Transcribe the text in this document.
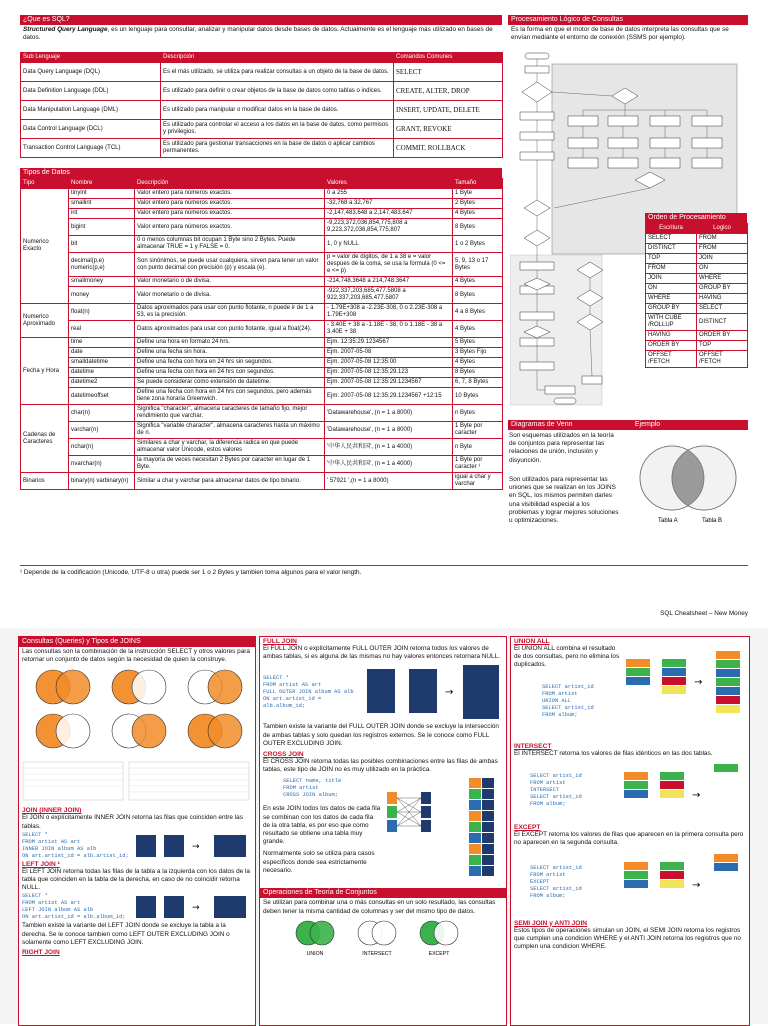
¿Que es SQL?
Structured Query Language, es un lenguaje para consultar, analizar y manipular datos desde bases de datos. Actualmente es el lenguaje más utilizado en bases de datos.
Sub Lenguaje	Descripción	Comandos Comunes
Data Query Language (DQL)	Es el más utilizado, se utiliza para realizar consultas a un objeto de la base de datos.	SELECT
Data Definition Language (DDL)	Es utilizado para definir o crear objetos de la base de datos como tablas o indices.	CREATE, ALTER, DROP
Data Manipulation Language (DML)	Es utilizado para manipular o modificar datos en la base de datos.	INSERT, UPDATE, DELETE
Data Control Language (DCL)	Es utilizado para controlar el acceso a los datos en la base de datos, como permisos y privilegios.	GRANT, REVOKE
Transaction Control Language (TCL)	Es utilizado para gestionar transacciones en la base de datos o aplicar cambios permanentes.	COMMIT, ROLLBACK
Tipos de Datos
Tipo	Nombre	Descripción	Valores	Tamaño
Numerico Exacto	tinyint	Valor entero para números exactos.	0 a 255	1 Byte
	smallint	Valor entero para números exactos.	-32,768 a 32,767	2 Bytes
	int	Valor entero para números exactos.	-2,147,483,648 a 2,147,483,647	4 Bytes
	bigint	Valor entero para números exactos.	-9,223,372,036,854,775,808 a 9,223,372,036,854,775,807	8 Bytes
	bit	0 o menos columnas bit ocupan 1 Byte sino 2 Bytes. Puede almacenar TRUE = 1 y FALSE = 0.	1, 0 y NULL	1 o 2 Bytes
	decimal(p,e) numeric(p,e)	Son sinónimos, se puede usar cualquiera, sirven para tener un valor con punto decimal con precisión (p) y escala (e).	p = valor de dígitos, de 1 a 38 e = valor despues de la coma, se usa la formula (0 <= e <= p)	5, 9, 13 o 17 Bytes
	smallmoney	Valor monetario o de divisa.	-214,748.3648 a 214,748.3647	4 Bytes
	money	Valor monetario o de divisa.	-922,337,203,685,477.5808 a 922,337,203,685,477.5807	8 Bytes
Numerico Aproximado	float(n)	Datos aproximados para usar con punto flotante, n puede ir de 1 a 53, es la precisión.	- 1.79E+308 a -2.23E-308, 0 o 2.23E-308 a 1.79E+308	4 a 8 Bytes
	real	Datos aproximados para usar con punto flotante, igual a float(24).	- 3.40E + 38 a -1.18E - 38, 0 o 1.18E - 38 a 3.40E + 38	4 Bytes
Fecha y Hora	time	Define una hora en formato 24 hrs.	Ejm. 12:35:29.1234567	5 Bytes
	date	Define una fecha sin hora.	Ejm. 2007-05-08	3 Bytes Fijo
	smalldatetime	Define una fecha con hora en 24 hrs sin segundos.	Ejm. 2007-05-08 12:35:00	4 Bytes
	datetime	Define una fecha con hora en 24 hrs con segundos.	Ejm. 2007-05-08 12:35:29.123	8 Bytes
	datetime2	Se puede considerar como extensión de datetime.	Ejm. 2007-05-08 12:35:29.1234567	6, 7, 8 Bytes
	datetimeoffset	Define una fecha con hora en 24 hrs con segundos, pero además tiene zona horaria Greenwich.	Ejm. 2007-05-08 12:35:29.1234567 +12:15	10 Bytes
Cadenas de Caracteres	char(n)	Significa "character", almacena caracteres de tamaño fijo, mejor rendimiento que varchar.	'Datawarehouse', (n = 1 a 8000)	n Bytes
	varchar(n)	Significa "variable character", almacena caracteres hasta un máximo de n.	'Datawarehouse', (n = 1 a 8000)	1 Byte por caracter
	nchar(n)	Similares a char y varchar, la diferencia radica en que puede almacenar valor Unicode, estos valores	'中华人民共和国', (n = 1 a 4000)	n Byte
	nvarchar(n)	la mayoría de veces necesitan 2 Bytes por caracter en lugar de 1 Byte.	'中华人民共和国', (n = 1 a 4000)	1 Byte por caracter ¹
Binarios	binary(n) varbinary(n)	Similar a char y varchar para almacenar datos de tipo binario.	' 57921 ',(n = 1 a 8000)	igual a char y varchar
Procesamiento Lógico de Consultas
Es la forma en que el motor de base de datos interpreta las consultas que se envían mediante el entorno de conexión (SSMS por ejemplo).
Orden de Procesamiento
Escritura	Logico
SELECT	FROM
DISTINCT	FROM
TOP	JOIN
FROM	ON
JOIN	WHERE
ON	GROUP BY
WHERE	HAVING
GROUP BY	SELECT
WITH CUBE /ROLLUP	DISTINCT
HAVING	ORDER BY
ORDER BY	TOP
OFFSET /FETCH	OFFSET /FETCH
Diagramas de Venn	Ejemplo
Son esquemas utilizados en la teoría de conjuntos para representar las relaciones de unión, inclusión y disyunción.
Son utilizados para representar las uniones que se realizan en los JOINS en SQL, los mismos permiten darles una visibilidad especial a los problemas y lograr mejores soluciones u optimizaciones.	Tabla A	Tabla B
¹ Depende de la codificación (Unicode, UTF-8 u otra) puede ser 1 o 2 Bytes y tambien toma algunos para el valor length.
SQL Cheatsheet – New Money
Consultas (Queries) y Tipos de JOINS
Las consultas son la combinación de la instrucción SELECT y otros valores para retornar un conjunto de datos según la necesidad de quien la construye.

JOIN (INNER JOIN)
El JOIN o explícitamente INNER JOIN retorna las filas que coinciden entre las tablas.
SELECT *
FROM artist AS art
INNER JOIN album AS alb
ON art.artist_id = alb.artist_id;
→
LEFT JOIN ²
El LEFT JOIN retorna todas las filas de la tabla a la izquierda con los datos de la tabla que coinciden en la tabla de la derecha, en caso de no coincidir retorna NULL.
SELECT *
FROM artist AS art
LEFT JOIN album AS alb
ON art.artist_id = alb.album_id;
→
Tambien existe la variante del LEFT JOIN donde se excluye la tabla a la derecha. Se le conoce tambien como LEFT OUTER EXCLUDING JOIN o solamente como LEFT EXCLUDING JOIN.
RIGHT JOIN
FULL JOIN
El FULL JOIN o explícitamente FULL OUTER JOIN retorna todos los valores de ambas tablas, si es alguna de las mismas no hay valores entonces retornara NULL.
SELECT *
FROM artist AS art
FULL OUTER JOIN album AS alb
ON art.artist_id = alb.album_id;
→
Tambien existe la variante del FULL OUTER JOIN donde se excluye la intersección de ambas tablas y solo quedan los registros externos. Se le conoce como FULL OUTER EXCLUDING JOIN.
CROSS JOIN
El CROSS JOIN retorna todas las posibles combinaciones entre las filas de ambas tablas, este tipo de JOIN no es muy utilizado en la práctica.
SELECT name, title
FROM artist
CROSS JOIN album;
En este JOIN todos los datos de cada fila se combinan con los datos de cada fila de la otra tabla, es por eso que como resultado se obtiene una tabla muy grande.
Normalmente solo se utiliza para casos específicos donde sea estrictamente necesario.
Operaciones de Teoría de Conjuntos
Se utilizan para combinar una o más consultas en un solo resultado, las consultas deben tener la misma cantidad de columnas y ser del mismo tipo de datos.
UNION	INTERSECT	EXCEPT
UNION ALL
El UNION ALL combina el resultado de dos consultas, pero no elimina los duplicados.
SELECT artist_id
FROM artist
UNION ALL
SELECT artist_id
FROM album;
→
INTERSECT
El INTERSECT retorna los valores de filas idénticos en las dos tablas.
SELECT artist_id
FROM artist
INTERSECT
SELECT artist_id
FROM album;
→
EXCEPT
El EXCEPT retorna los valores de filas que aparecen en la primera consulta pero no aparecen en la segunda consulta.
SELECT artist_id
FROM artist
EXCEPT
SELECT artist_id
FROM album;
→
SEMI JOIN y ANTI JOIN
Estos tipos de operaciones simulan un JOIN, el SEMI JOIN retorna los registros que cumplen una condicion WHERE y el ANTI JOIN retorna los registros que no cumplen una condicion WHERE.
